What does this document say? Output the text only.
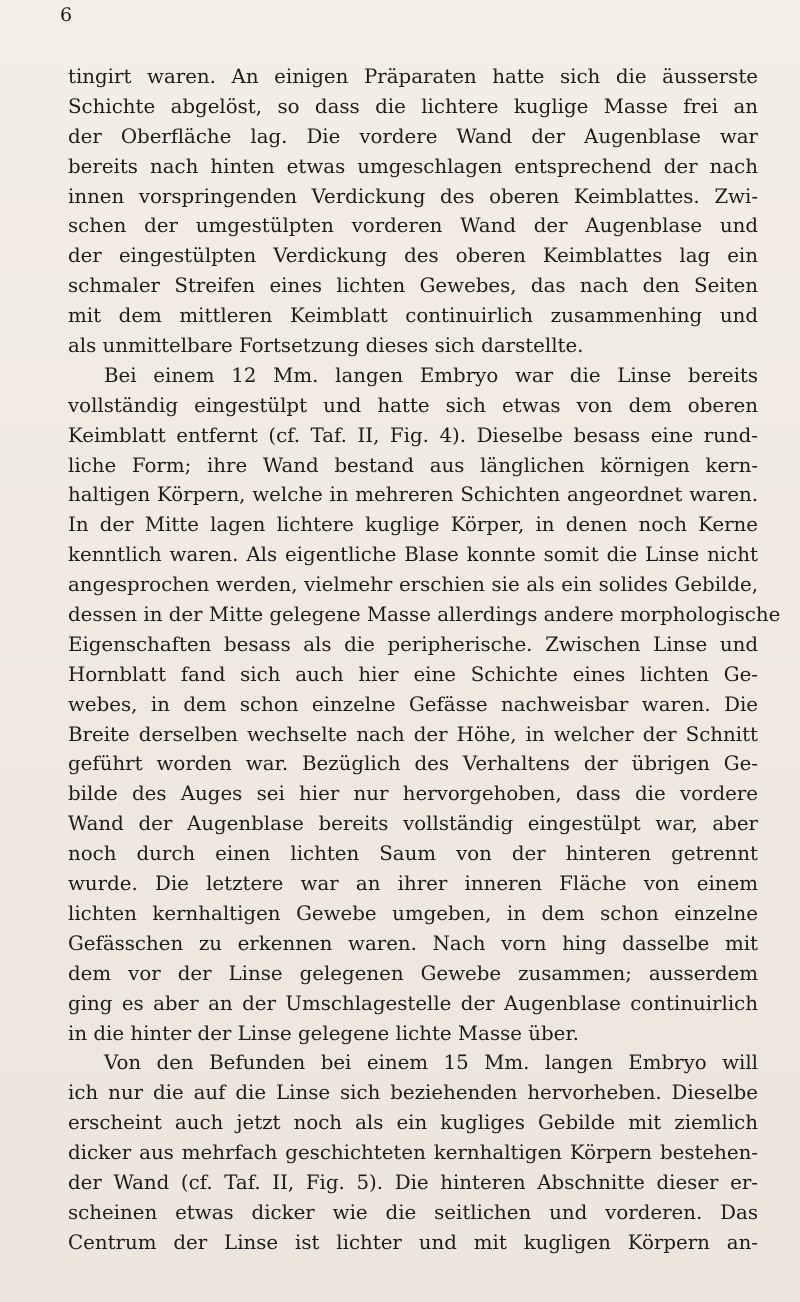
6
tingirt waren. An einigen Präparaten hatte sich die äusserste
Schichte abgelöst, so dass die lichtere kuglige Masse frei an
der Oberfläche lag. Die vordere Wand der Augenblase war
bereits nach hinten etwas umgeschlagen entsprechend der nach
innen vorspringenden Verdickung des oberen Keimblattes. Zwi-
schen der umgestülpten vorderen Wand der Augenblase und
der eingestülpten Verdickung des oberen Keimblattes lag ein
schmaler Streifen eines lichten Gewebes, das nach den Seiten
mit dem mittleren Keimblatt continuirlich zusammenhing und
als unmittelbare Fortsetzung dieses sich darstellte.
Bei einem 12 Mm. langen Embryo war die Linse bereits
vollständig eingestülpt und hatte sich etwas von dem oberen
Keimblatt entfernt (cf. Taf. II, Fig. 4). Dieselbe besass eine rund-
liche Form; ihre Wand bestand aus länglichen körnigen kern-
haltigen Körpern, welche in mehreren Schichten angeordnet waren.
In der Mitte lagen lichtere kuglige Körper, in denen noch Kerne
kenntlich waren. Als eigentliche Blase konnte somit die Linse nicht
angesprochen werden, vielmehr erschien sie als ein solides Gebilde,
dessen in der Mitte gelegene Masse allerdings andere morphologische
Eigenschaften besass als die peripherische. Zwischen Linse und
Hornblatt fand sich auch hier eine Schichte eines lichten Ge-
webes, in dem schon einzelne Gefässe nachweisbar waren. Die
Breite derselben wechselte nach der Höhe, in welcher der Schnitt
geführt worden war. Bezüglich des Verhaltens der übrigen Ge-
bilde des Auges sei hier nur hervorgehoben, dass die vordere
Wand der Augenblase bereits vollständig eingestülpt war, aber
noch durch einen lichten Saum von der hinteren getrennt
wurde. Die letztere war an ihrer inneren Fläche von einem
lichten kernhaltigen Gewebe umgeben, in dem schon einzelne
Gefässchen zu erkennen waren. Nach vorn hing dasselbe mit
dem vor der Linse gelegenen Gewebe zusammen; ausserdem
ging es aber an der Umschlagestelle der Augenblase continuirlich
in die hinter der Linse gelegene lichte Masse über.
Von den Befunden bei einem 15 Mm. langen Embryo will
ich nur die auf die Linse sich beziehenden hervorheben. Dieselbe
erscheint auch jetzt noch als ein kugliges Gebilde mit ziemlich
dicker aus mehrfach geschichteten kernhaltigen Körpern bestehen-
der Wand (cf. Taf. II, Fig. 5). Die hinteren Abschnitte dieser er-
scheinen etwas dicker wie die seitlichen und vorderen. Das
Centrum der Linse ist lichter und mit kugligen Körpern an-
